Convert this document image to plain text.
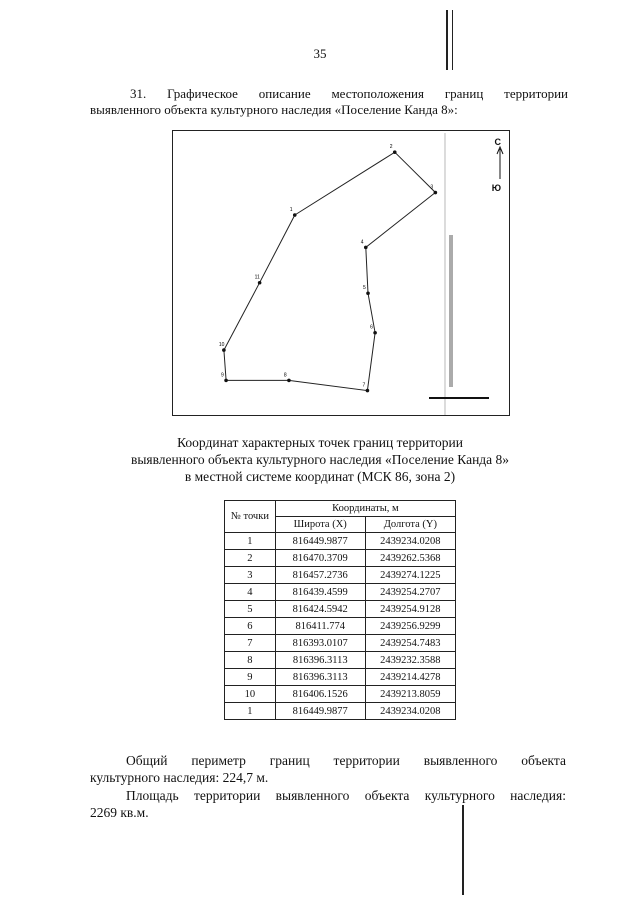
35
31. Графическое описание местоположения границ территории
выявленного объекта культурного наследия «Поселение Канда 8»:
1
2
3
4
5
6
7
8
9
10
11
С
Ю
Координат характерных точек границ территории
выявленного объекта культурного наследия «Поселение Канда 8»
в местной системе координат (МСК 86, зона 2)
№ точки	Координаты, м	
	Широта (X)	Долгота (Y)
1	816449.9877	2439234.0208
2	816470.3709	2439262.5368
3	816457.2736	2439274.1225
4	816439.4599	2439254.2707
5	816424.5942	2439254.9128
6	816411.774	2439256.9299
7	816393.0107	2439254.7483
8	816396.3113	2439232.3588
9	816396.3113	2439214.4278
10	816406.1526	2439213.8059
1	816449.9877	2439234.0208
Общий периметр границ территории выявленного объекта
культурного наследия: 224,7 м.
Площадь территории выявленного объекта культурного наследия:
2269 кв.м.
